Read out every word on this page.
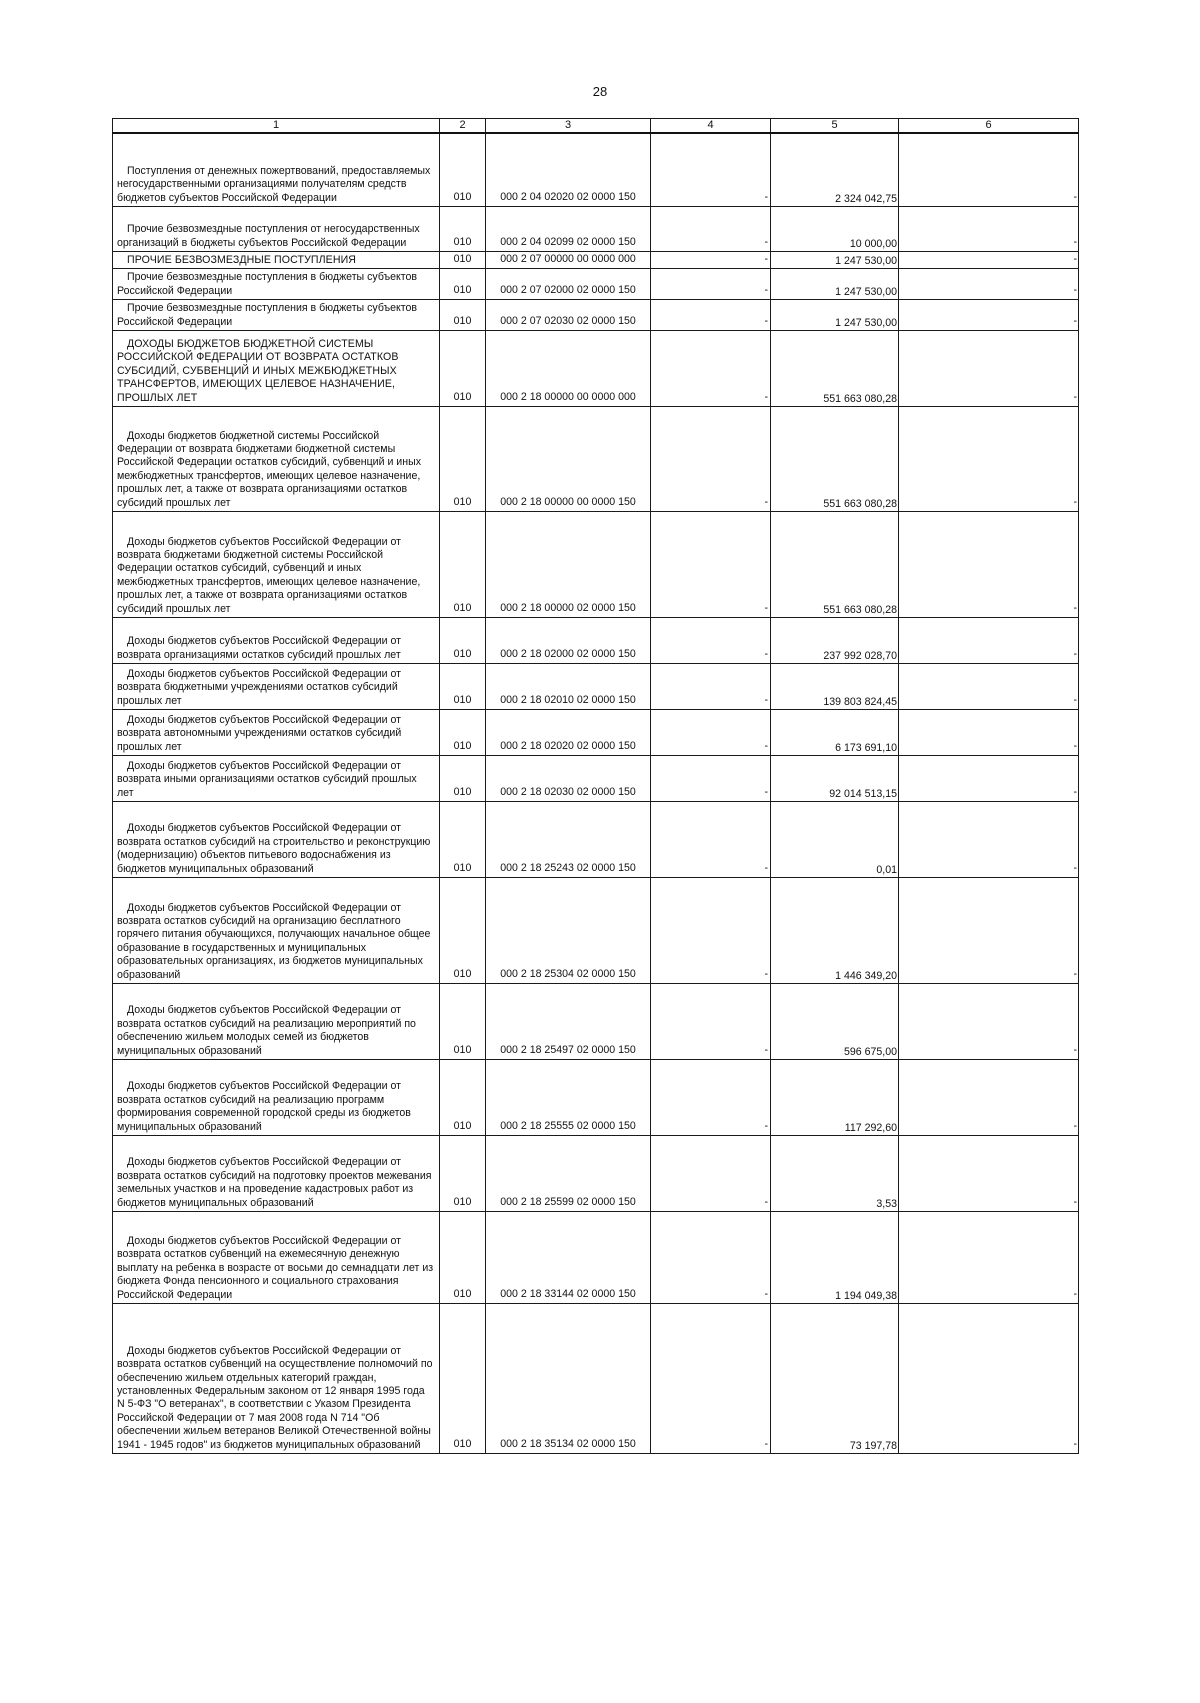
28
1	2	3	4	5	6

Поступления от денежных пожертвований, предоставляемых негосударственными организациями получателям средств бюджетов субъектов Российской Федерации	010	000 2 04 02020 02 0000 150	-	2 324 042,75	-

Прочие безвозмездные поступления от негосударственных организаций в бюджеты субъектов Российской Федерации	010	000 2 04 02099 02 0000 150	-	10 000,00	-

ПРОЧИЕ БЕЗВОЗМЕЗДНЫЕ ПОСТУПЛЕНИЯ	010	000 2 07 00000 00 0000 000	-	1 247 530,00	-

Прочие безвозмездные поступления в бюджеты субъектов Российской Федерации	010	000 2 07 02000 02 0000 150	-	1 247 530,00	-

Прочие безвозмездные поступления в бюджеты субъектов Российской Федерации	010	000 2 07 02030 02 0000 150	-	1 247 530,00	-

ДОХОДЫ БЮДЖЕТОВ БЮДЖЕТНОЙ СИСТЕМЫ РОССИЙСКОЙ ФЕДЕРАЦИИ ОТ ВОЗВРАТА ОСТАТКОВ СУБСИДИЙ, СУБВЕНЦИЙ И ИНЫХ МЕЖБЮДЖЕТНЫХ ТРАНСФЕРТОВ, ИМЕЮЩИХ ЦЕЛЕВОЕ НАЗНАЧЕНИЕ, ПРОШЛЫХ ЛЕТ	010	000 2 18 00000 00 0000 000	-	551 663 080,28	-

Доходы бюджетов бюджетной системы Российской Федерации от возврата бюджетами бюджетной системы Российской Федерации остатков субсидий, субвенций и иных межбюджетных трансфертов, имеющих целевое назначение, прошлых лет, а также от возврата организациями остатков субсидий прошлых лет	010	000 2 18 00000 00 0000 150	-	551 663 080,28	-

Доходы бюджетов субъектов Российской Федерации от возврата бюджетами бюджетной системы Российской Федерации остатков субсидий, субвенций и иных межбюджетных трансфертов, имеющих целевое назначение, прошлых лет, а также от возврата организациями остатков субсидий прошлых лет	010	000 2 18 00000 02 0000 150	-	551 663 080,28	-

Доходы бюджетов субъектов Российской Федерации от возврата организациями остатков субсидий прошлых лет	010	000 2 18 02000 02 0000 150	-	237 992 028,70	-

Доходы бюджетов субъектов Российской Федерации от возврата бюджетными учреждениями остатков субсидий прошлых лет	010	000 2 18 02010 02 0000 150	-	139 803 824,45	-

Доходы бюджетов субъектов Российской Федерации от возврата автономными учреждениями остатков субсидий прошлых лет	010	000 2 18 02020 02 0000 150	-	6 173 691,10	-

Доходы бюджетов субъектов Российской Федерации от возврата иными организациями остатков субсидий прошлых лет	010	000 2 18 02030 02 0000 150	-	92 014 513,15	-

Доходы бюджетов субъектов Российской Федерации от возврата остатков субсидий на строительство и реконструкцию (модернизацию) объектов питьевого водоснабжения из бюджетов муниципальных образований	010	000 2 18 25243 02 0000 150	-	0,01	-

Доходы бюджетов субъектов Российской Федерации от возврата остатков субсидий на организацию бесплатного горячего питания обучающихся, получающих начальное общее образование в государственных и муниципальных образовательных организациях, из бюджетов муниципальных образований	010	000 2 18 25304 02 0000 150	-	1 446 349,20	-

Доходы бюджетов субъектов Российской Федерации от возврата остатков субсидий на реализацию мероприятий по обеспечению жильем молодых семей из бюджетов муниципальных образований	010	000 2 18 25497 02 0000 150	-	596 675,00	-

Доходы бюджетов субъектов Российской Федерации от возврата остатков субсидий на реализацию программ формирования современной городской среды из бюджетов муниципальных образований	010	000 2 18 25555 02 0000 150	-	117 292,60	-

Доходы бюджетов субъектов Российской Федерации от возврата остатков субсидий на подготовку проектов межевания земельных участков и на проведение кадастровых работ из бюджетов муниципальных образований	010	000 2 18 25599 02 0000 150	-	3,53	-

Доходы бюджетов субъектов Российской Федерации от возврата остатков субвенций на ежемесячную денежную выплату на ребенка в возрасте от восьми до семнадцати лет из бюджета Фонда пенсионного и социального страхования Российской Федерации	010	000 2 18 33144 02 0000 150	-	1 194 049,38	-

Доходы бюджетов субъектов Российской Федерации от возврата остатков субвенций на осуществление полномочий по обеспечению жильем отдельных категорий граждан, установленных Федеральным законом от 12 января 1995 года N 5-ФЗ "О ветеранах", в соответствии с Указом Президента Российской Федерации от 7 мая 2008 года N 714 "Об обеспечении жильем ветеранов Великой Отечественной войны 1941 - 1945 годов" из бюджетов муниципальных образований	010	000 2 18 35134 02 0000 150	-	73 197,78	-
